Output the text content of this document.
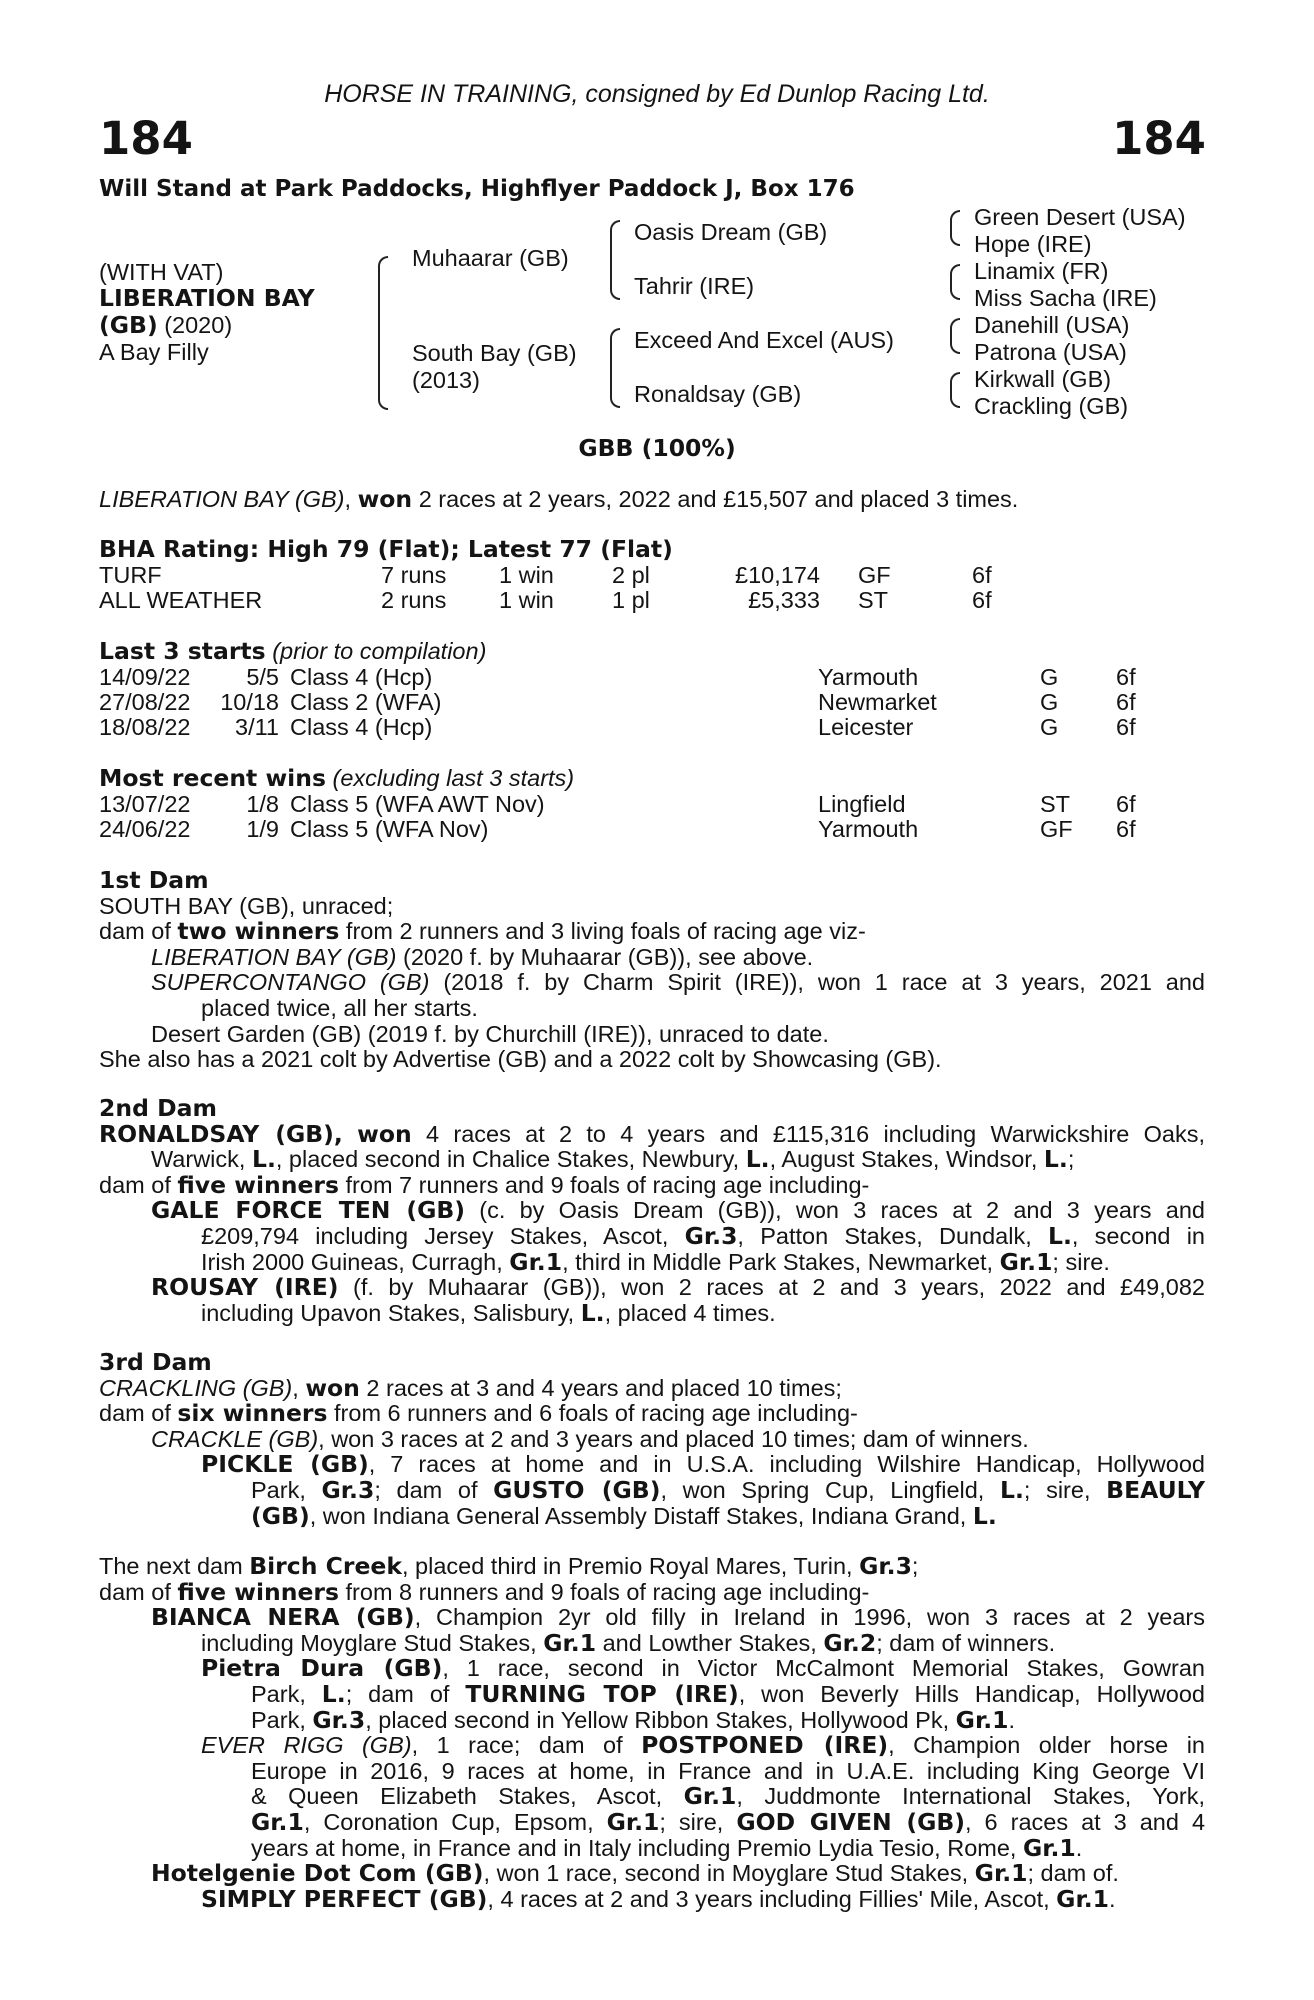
HORSE IN TRAINING, consigned by Ed Dunlop Racing Ltd.
184	184
Will Stand at Park Paddocks, Highflyer Paddock J, Box 176
(WITH VAT)
LIBERATION BAY
(GB) (2020)
A Bay Filly
Muhaarar (GB)
South Bay (GB)
(2013)
Oasis Dream (GB)
Tahrir (IRE)
Exceed And Excel (AUS)
Ronaldsay (GB)
Green Desert (USA)
Hope (IRE)
Linamix (FR)
Miss Sacha (IRE)
Danehill (USA)
Patrona (USA)
Kirkwall (GB)
Crackling (GB)
GBB (100%)
LIBERATION BAY (GB), won 2 races at 2 years, 2022 and £15,507 and placed 3 times.
BHA Rating: High 79 (Flat); Latest 77 (Flat)
TURF	7 runs 1 win 2 pl	£10,174 GF	6f
ALL WEATHER	2 runs 1 win 1 pl	£5,333 ST	6f
Last 3 starts (prior to compilation)
14/09/22	5/5 Class 4 (Hcp)	Yarmouth	G 6f
27/08/22	10/18 Class 2 (WFA)	Newmarket	G 6f
18/08/22	3/11 Class 4 (Hcp)	Leicester	G 6f
Most recent wins (excluding last 3 starts)
13/07/22	1/8 Class 5 (WFA AWT Nov)	Lingfield	ST 6f
24/06/22	1/9 Class 5 (WFA Nov)	Yarmouth	GF 6f
1st Dam
SOUTH BAY (GB), unraced;
dam of two winners from 2 runners and 3 living foals of racing age viz-
LIBERATION BAY (GB) (2020 f. by Muhaarar (GB)), see above.
SUPERCONTANGO (GB) (2018 f. by Charm Spirit (IRE)), won 1 race at 3 years, 2021 and
placed twice, all her starts.
Desert Garden (GB) (2019 f. by Churchill (IRE)), unraced to date.
She also has a 2021 colt by Advertise (GB) and a 2022 colt by Showcasing (GB).
2nd Dam
RONALDSAY (GB), won 4 races at 2 to 4 years and £115,316 including Warwickshire Oaks,
Warwick, L., placed second in Chalice Stakes, Newbury, L., August Stakes, Windsor, L.;
dam of five winners from 7 runners and 9 foals of racing age including-
GALE FORCE TEN (GB) (c. by Oasis Dream (GB)), won 3 races at 2 and 3 years and
£209,794 including Jersey Stakes, Ascot, Gr.3, Patton Stakes, Dundalk, L., second in
Irish 2000 Guineas, Curragh, Gr.1, third in Middle Park Stakes, Newmarket, Gr.1; sire.
ROUSAY (IRE) (f. by Muhaarar (GB)), won 2 races at 2 and 3 years, 2022 and £49,082
including Upavon Stakes, Salisbury, L., placed 4 times.
3rd Dam
CRACKLING (GB), won 2 races at 3 and 4 years and placed 10 times;
dam of six winners from 6 runners and 6 foals of racing age including-
CRACKLE (GB), won 3 races at 2 and 3 years and placed 10 times; dam of winners.
PICKLE (GB), 7 races at home and in U.S.A. including Wilshire Handicap, Hollywood
Park, Gr.3; dam of GUSTO (GB), won Spring Cup, Lingfield, L.; sire, BEAULY
(GB), won Indiana General Assembly Distaff Stakes, Indiana Grand, L.
The next dam Birch Creek, placed third in Premio Royal Mares, Turin, Gr.3;
dam of five winners from 8 runners and 9 foals of racing age including-
BIANCA NERA (GB), Champion 2yr old filly in Ireland in 1996, won 3 races at 2 years
including Moyglare Stud Stakes, Gr.1 and Lowther Stakes, Gr.2; dam of winners.
Pietra Dura (GB), 1 race, second in Victor McCalmont Memorial Stakes, Gowran
Park, L.; dam of TURNING TOP (IRE), won Beverly Hills Handicap, Hollywood
Park, Gr.3, placed second in Yellow Ribbon Stakes, Hollywood Pk, Gr.1.
EVER RIGG (GB), 1 race; dam of POSTPONED (IRE), Champion older horse in
Europe in 2016, 9 races at home, in France and in U.A.E. including King George VI
& Queen Elizabeth Stakes, Ascot, Gr.1, Juddmonte International Stakes, York,
Gr.1, Coronation Cup, Epsom, Gr.1; sire, GOD GIVEN (GB), 6 races at 3 and 4
years at home, in France and in Italy including Premio Lydia Tesio, Rome, Gr.1.
Hotelgenie Dot Com (GB), won 1 race, second in Moyglare Stud Stakes, Gr.1; dam of.
SIMPLY PERFECT (GB), 4 races at 2 and 3 years including Fillies' Mile, Ascot, Gr.1.
